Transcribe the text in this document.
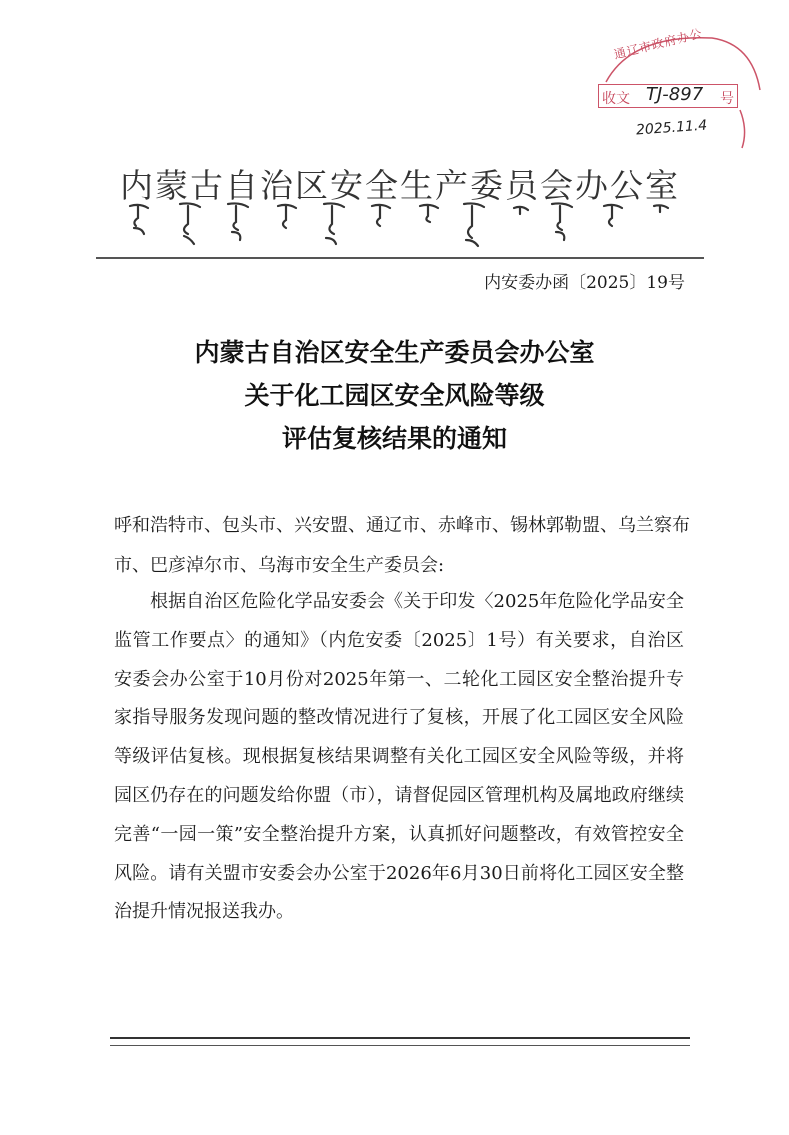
通辽市政府办公
收文 TJ-897 号
2025.11.4
内蒙古自治区安全生产委员会办公室
内安委办函〔2025〕19号
内蒙古自治区安全生产委员会办公室
关于化工园区安全风险等级
评估复核结果的通知
呼和浩特市、包头市、兴安盟、通辽市、赤峰市、锡林郭勒盟、乌兰察布市、巴彦淖尔市、乌海市安全生产委员会:
根据自治区危险化学品安委会《关于印发〈2025年危险化学品安全监管工作要点〉的通知》（内危安委〔2025〕1号）有关要求，自治区安委会办公室于10月份对2025年第一、二轮化工园区安全整治提升专家指导服务发现问题的整改情况进行了复核，开展了化工园区安全风险等级评估复核。现根据复核结果调整有关化工园区安全风险等级，并将园区仍存在的问题发给你盟（市），请督促园区管理机构及属地政府继续完善“一园一策”安全整治提升方案，认真抓好问题整改，有效管控安全风险。请有关盟市安委会办公室于2026年6月30日前将化工园区安全整治提升情况报送我办。
